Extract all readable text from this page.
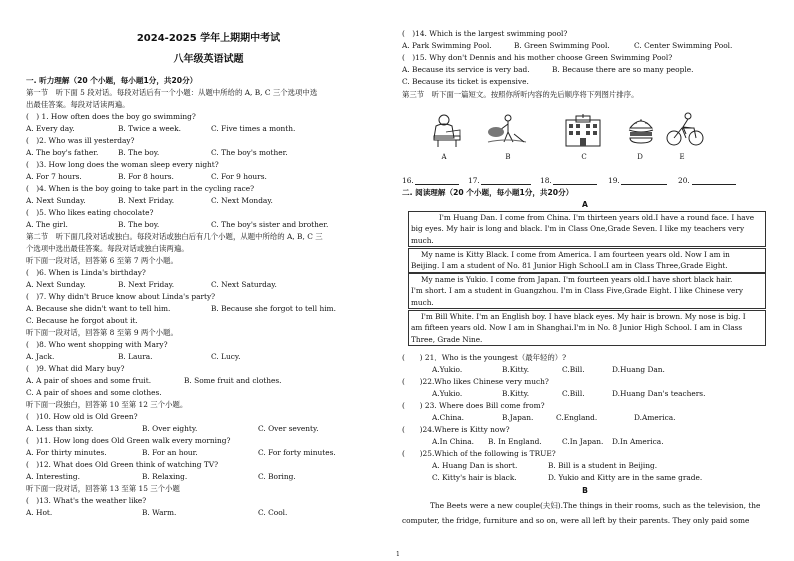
2024-2025 学年上期期中考试
八年级英语试题
一. 听力理解（20 个小题，每小题1分，共20分）
第一节　听下面 5 段对话。每段对话后有一个小题：从题中所给的 A, B, C 三个选项中选
出最佳答案。每段对话读两遍。
(　) 1. How often does the boy go swimming?
A. Every day.	B. Twice a week.	C. Five times a month.
(　)2. Who was ill yesterday?
A. The boy's father.	B. The boy.	C. The boy's mother.
(　)3. How long does the woman sleep every night?
A. For 7 hours.	B. For 8 hours.	C. For 9 hours.
(　)4. When is the boy going to take part in the cycling race?
A. Next Sunday.	B. Next Friday.	C. Next Monday.
(　)5. Who likes eating chocolate?
A. The girl.	B. The boy.	C. The boy's sister and brother.
第二节　听下面几段对话或独白。每段对话或独白后有几个小题，从题中所给的 A, B, C 三
个选项中选出最佳答案。每段对话或独白读两遍。
听下面一段对话，回答第 6 至第 7 两个小题。
(　)6. When is Linda's birthday?
A. Next Sunday.	B. Next Friday.	C. Next Saturday.
(　)7. Why didn't Bruce know about Linda's party?
A. Because she didn't want to tell him.	B. Because she forgot to tell him.
C. Because he forgot about it.
听下面一段对话，回答第 8 至第 9 两个小题。
(　)8. Who went shopping with Mary?
A. Jack.	B. Laura.	C. Lucy.
(　)9. What did Mary buy?
A. A pair of shoes and some fruit.	B. Some fruit and clothes.
C. A pair of shoes and some clothes.
听下面一段独白，回答第 10 至第 12 三个小题。
(　)10. How old is Old Green?
A. Less than sixty.	B. Over eighty.	C. Over seventy.
(　)11. How long does Old Green walk every morning?
A. For thirty minutes.	B. For an hour.	C. For forty minutes.
(　)12. What does Old Green think of watching TV?
A. Interesting.	B. Relaxing.	C. Boring.
听下面一段对话，回答第 13 至第 15 三个小题
(　)13. What's the weather like?
A. Hot.	B. Warm.	C. Cool.
(　)14. Which is the largest swimming pool?
A. Park Swimming Pool.	B. Green Swimming Pool.	C. Center Swimming Pool.
(　)15. Why don't Dennis and his mother choose Green Swimming Pool?
A. Because its service is very bad.	B. Because there are so many people.
C. Because its ticket is expensive.
第三节　听下面一篇短文。按照你所听内容的先后顺序将下列图片排序。
A	B	C	D	E
16.	17.	18.	19.	20.
二. 阅读理解（20 个小题，每小题1分，共20分）
A
I'm Huang Dan. I come from China. I'm thirteen years old.I have a round face. I have
big eyes. My hair is long and black. I'm in Class One,Grade Seven. I like my teachers very
much.
My name is Kitty Black. I come from America. I am fourteen years old. Now I am in
Beijing. I am a student of No. 81 Junior High School.I am in Class Three,Grade Eight.
My name is Yukio. I come from Japan. I'm fourteen years old.I have short black hair.
I'm short. I am a student in Guangzhou. I'm in Class Five,Grade Eight. I like Chinese very
much.
I'm Bill White. I'm an English boy. I have black eyes. My hair is brown. My nose is big. I
am fifteen years old. Now I am in Shanghai.I'm in No. 8 Junior High School. I am in Class
Three, Grade Nine.
(　　) 21．Who is the youngest（最年轻的）?
A.Yukio.	B.Kitty.	C.Bill.	D.Huang Dan.
(　　)22.Who likes Chinese very much?
A.Yukio.	B.Kitty.	C.Bill.	D.Huang Dan's teachers.
(　　) 23. Where does Bill come from?
A.China.	B.Japan.	C.England.	D.America.
(　　)24.Where is Kitty now?
A.In China. B. In England.	C.In Japan. D.In America.
(　　)25.Which of the following is TRUE?
A. Huang Dan is short.	B. Bill is a student in Beijing.
C. Kitty's hair is black.	D. Yukio and Kitty are in the same grade.
B
The Beets were a new couple(夫妇).The things in their rooms, such as the television, the
computer, the fridge, furniture and so on, were all left by their parents. They only paid some
1
